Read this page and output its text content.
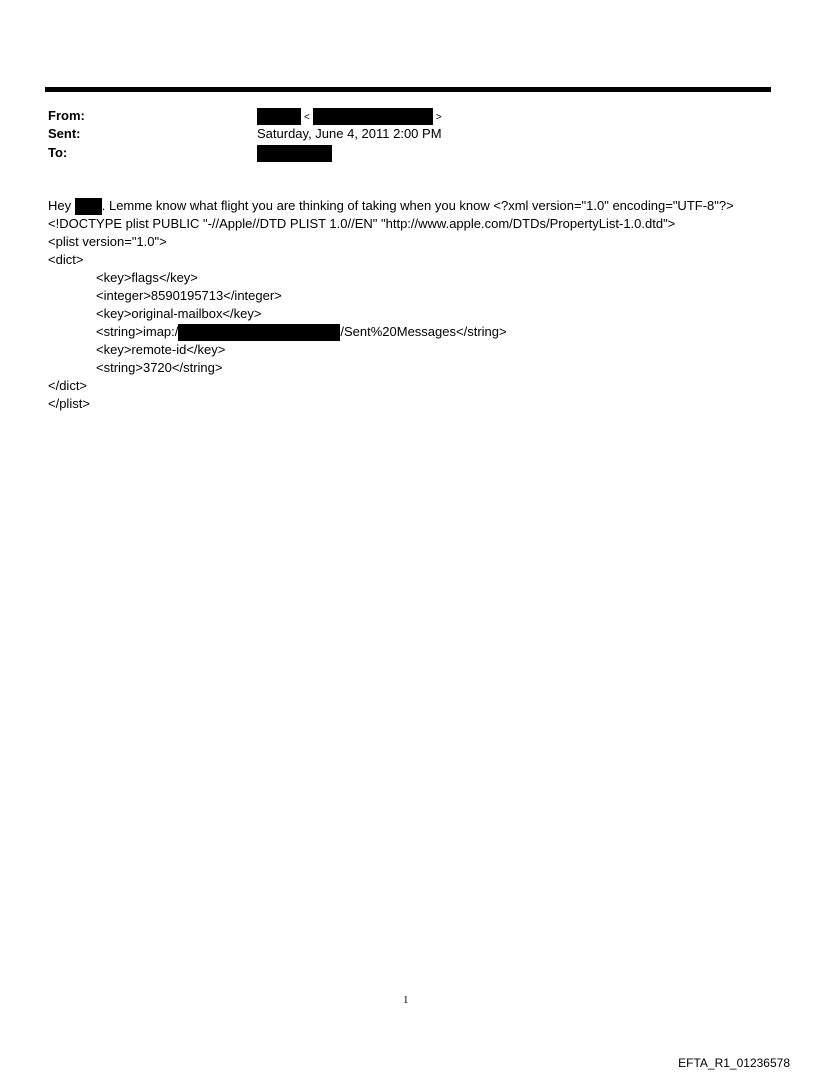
From:	<	>
Sent:	Saturday, June 4, 2011 2:00 PM
To:
Hey . Lemme know what flight you are thinking of taking when you know <?xml version="1.0" encoding="UTF-8"?>
<!DOCTYPE plist PUBLIC "-//Apple//DTD PLIST 1.0//EN" "http://www.apple.com/DTDs/PropertyList-1.0.dtd">
<plist version="1.0">
<dict>
<key>flags</key>
<integer>8590195713</integer>
<key>original-mailbox</key>
<string>imap:/	/Sent%20Messages</string>
<key>remote-id</key>
<string>3720</string>
</dict>
</plist>
1
EFTA_R1_01236578
